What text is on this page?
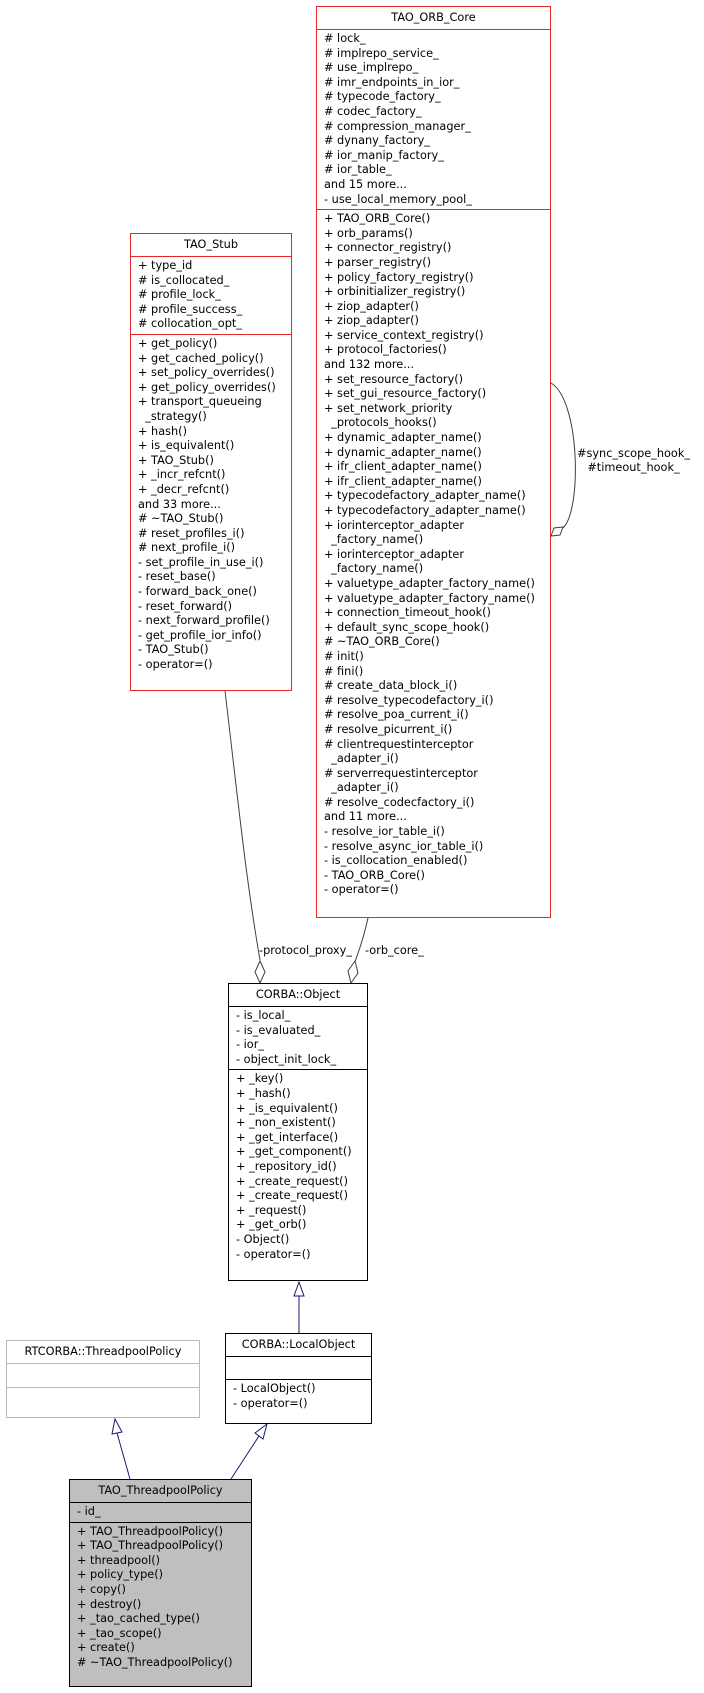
TAO_ORB_Core
# lock_
# implrepo_service_
# use_implrepo_
# imr_endpoints_in_ior_
# typecode_factory_
# codec_factory_
# compression_manager_
# dynany_factory_
# ior_manip_factory_
# ior_table_
and 15 more...
- use_local_memory_pool_
+ TAO_ORB_Core()
+ orb_params()
+ connector_registry()
+ parser_registry()
+ policy_factory_registry()
+ orbinitializer_registry()
+ ziop_adapter()
+ ziop_adapter()
+ service_context_registry()
+ protocol_factories()
and 132 more...
+ set_resource_factory()
+ set_gui_resource_factory()
+ set_network_priority
_protocols_hooks()
+ dynamic_adapter_name()
+ dynamic_adapter_name()
+ ifr_client_adapter_name()
+ ifr_client_adapter_name()
+ typecodefactory_adapter_name()
+ typecodefactory_adapter_name()
+ iorinterceptor_adapter
_factory_name()
+ iorinterceptor_adapter
_factory_name()
+ valuetype_adapter_factory_name()
+ valuetype_adapter_factory_name()
+ connection_timeout_hook()
+ default_sync_scope_hook()
# ~TAO_ORB_Core()
# init()
# fini()
# create_data_block_i()
# resolve_typecodefactory_i()
# resolve_poa_current_i()
# resolve_picurrent_i()
# clientrequestinterceptor
_adapter_i()
# serverrequestinterceptor
_adapter_i()
# resolve_codecfactory_i()
and 11 more...
- resolve_ior_table_i()
- resolve_async_ior_table_i()
- is_collocation_enabled()
- TAO_ORB_Core()
- operator=()
TAO_Stub
+ type_id
# is_collocated_
# profile_lock_
# profile_success_
# collocation_opt_
+ get_policy()
+ get_cached_policy()
+ set_policy_overrides()
+ get_policy_overrides()
+ transport_queueing
_strategy()
+ hash()
+ is_equivalent()
+ TAO_Stub()
+ _incr_refcnt()
+ _decr_refcnt()
and 33 more...
# ~TAO_Stub()
# reset_profiles_i()
# next_profile_i()
- set_profile_in_use_i()
- reset_base()
- forward_back_one()
- reset_forward()
- next_forward_profile()
- get_profile_ior_info()
- TAO_Stub()
- operator=()
CORBA::Object
- is_local_
- is_evaluated_
- ior_
- object_init_lock_
+ _key()
+ _hash()
+ _is_equivalent()
+ _non_existent()
+ _get_interface()
+ _get_component()
+ _repository_id()
+ _create_request()
+ _create_request()
+ _request()
+ _get_orb()
- Object()
- operator=()
CORBA::LocalObject
- LocalObject()
- operator=()
RTCORBA::ThreadpoolPolicy
TAO_ThreadpoolPolicy
- id_
+ TAO_ThreadpoolPolicy()
+ TAO_ThreadpoolPolicy()
+ threadpool()
+ policy_type()
+ copy()
+ destroy()
+ _tao_cached_type()
+ _tao_scope()
+ create()
# ~TAO_ThreadpoolPolicy()
-protocol_proxy_ -orb_core_
#sync_scope_hook_
#timeout_hook_
